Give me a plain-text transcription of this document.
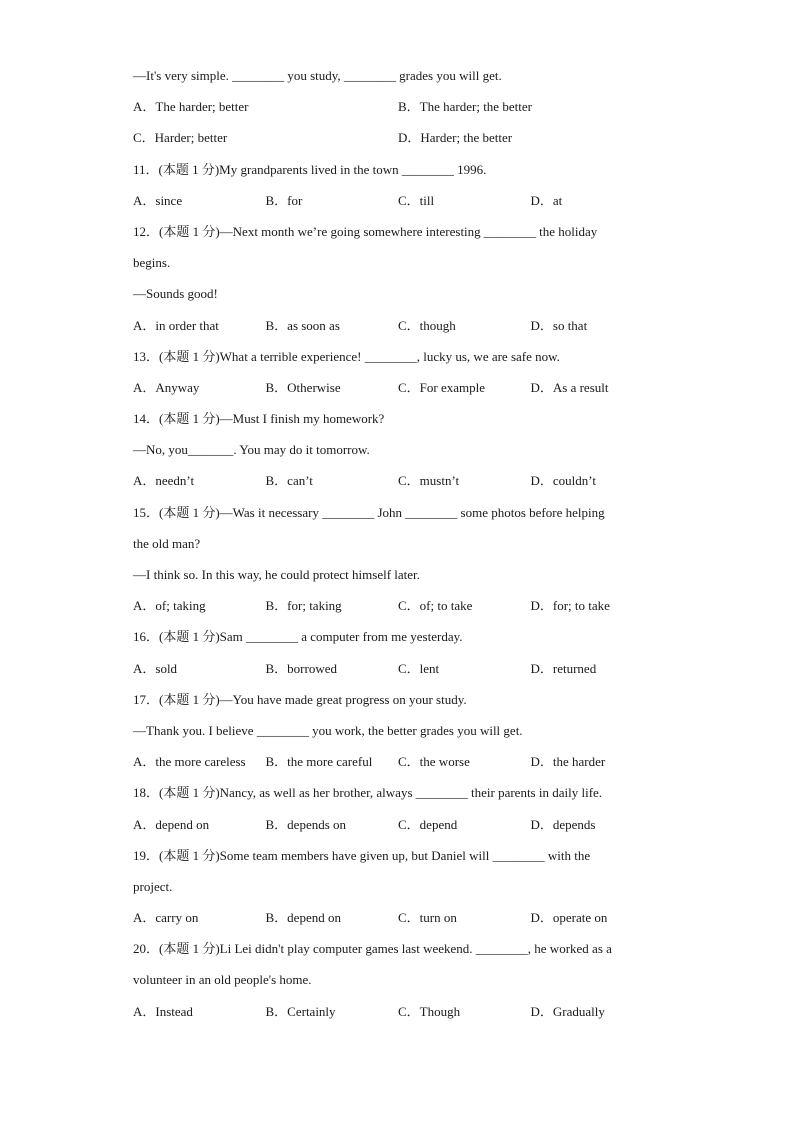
—It's very simple. ________ you study, ________ grades you will get.
A．The harder; better	B．The harder; the better
C．Harder; better	D．Harder; the better
11．(本题 1 分)My grandparents lived in the town ________ 1996.
A．since	B．for	C．till	D．at
12．(本题 1 分)—Next month we’re going somewhere interesting ________ the holiday
begins.
—Sounds good!
A．in order that	B．as soon as	C．though	D．so that
13．(本题 1 分)What a terrible experience! ________, lucky us, we are safe now.
A．Anyway	B．Otherwise	C．For example	D．As a result
14．(本题 1 分)—Must I finish my homework?
—No, you_______. You may do it tomorrow.
A．needn’t	B．can’t	C．mustn’t	D．couldn’t
15．(本题 1 分)—Was it necessary ________ John ________ some photos before helping
the old man?
—I think so. In this way, he could protect himself later.
A．of; taking	B．for; taking	C．of; to take	D．for; to take
16．(本题 1 分)Sam ________ a computer from me yesterday.
A．sold	B．borrowed	C．lent	D．returned
17．(本题 1 分)—You have made great progress on your study.
—Thank you. I believe ________ you work, the better grades you will get.
A．the more careless	B．the more careful	C．the worse	D．the harder
18．(本题 1 分)Nancy, as well as her brother, always ________ their parents in daily life.
A．depend on	B．depends on	C．depend	D．depends
19．(本题 1 分)Some team members have given up, but Daniel will ________ with the
project.
A．carry on	B．depend on	C．turn on	D．operate on
20．(本题 1 分)Li Lei didn't play computer games last weekend. ________, he worked as a
volunteer in an old people's home.
A．Instead	B．Certainly	C．Though	D．Gradually
